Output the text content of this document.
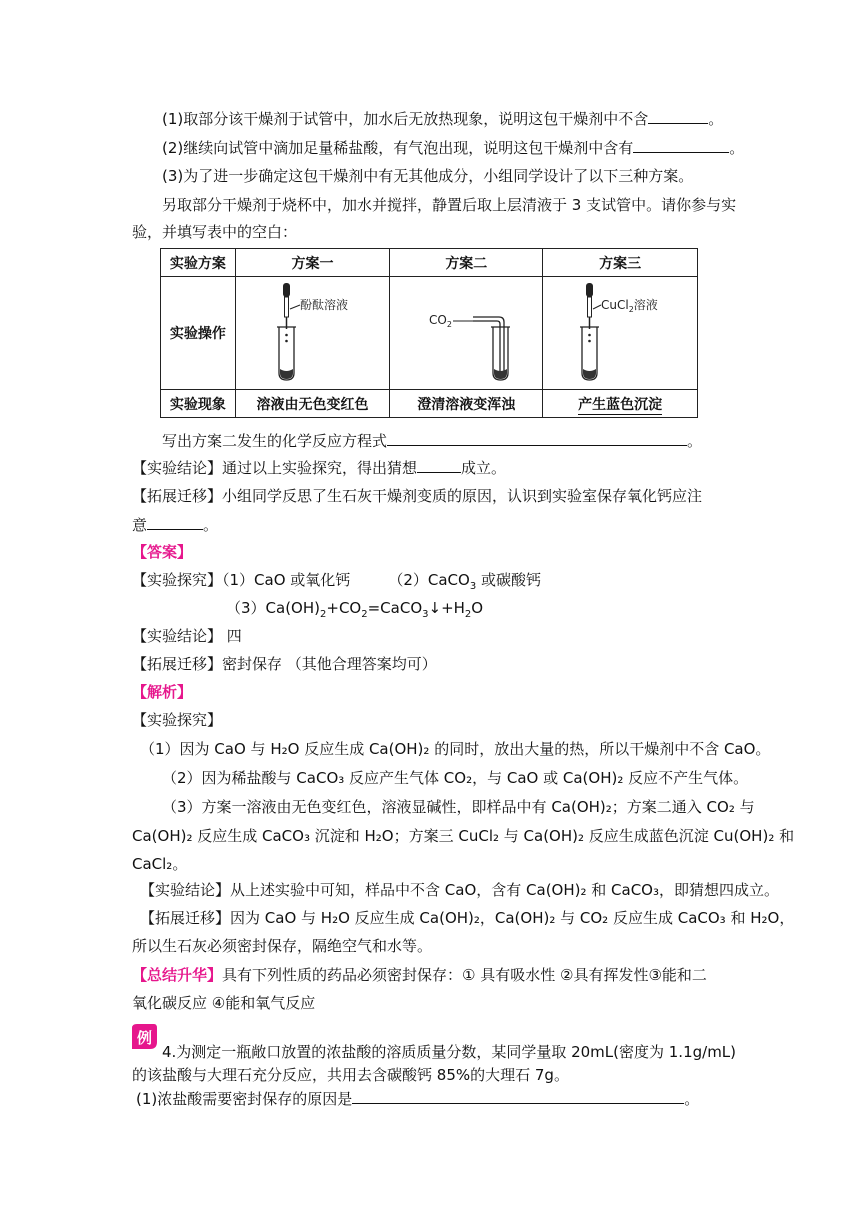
(1)取部分该干燥剂于试管中，加水后无放热现象，说明这包干燥剂中不含	。
(2)继续向试管中滴加足量稀盐酸，有气泡出现，说明这包干燥剂中含有	。
(3)为了进一步确定这包干燥剂中有无其他成分，小组同学设计了以下三种方案。
另取部分干燥剂于烧杯中，加水并搅拌，静置后取上层清液于 3 支试管中。请你参与实
验，并填写表中的空白：
实验方案	方案一	方案二	方案三
实验操作	酚酞溶液	$CO_2$	CuCl$_2$溶液

实验现象	溶液由无色变红色	澄清溶液变浑浊	产生蓝色沉淀
写出方案二发生的化学反应方程式	。
【实验结论】通过以上实验探究，得出猜想	成立。
【拓展迁移】小组同学反思了生石灰干燥剂变质的原因，认识到实验室保存氧化钙应注
意	。
【答案】
【实验探究】（1）CaO 或氧化钙	（2）CaCO$_3$ 或碳酸钙
$(3)Ca(OH)_2+CO_2=CaCO_3↓+H_2O$
【实验结论】 四
【拓展迁移】密封保存 （其他合理答案均可）
【解析】
【实验探究】
（1）因为 CaO 与 H₂O 反应生成 Ca(OH)₂ 的同时，放出大量的热，所以干燥剂中不含 CaO。
（2）因为稀盐酸与 CaCO₃ 反应产生气体 CO₂，与 CaO 或 Ca(OH)₂ 反应不产生气体。
（3）方案一溶液由无色变红色，溶液显碱性，即样品中有 Ca(OH)₂；方案二通入 CO₂ 与
Ca(OH)₂ 反应生成 CaCO₃ 沉淀和 H₂O；方案三 CuCl₂ 与 Ca(OH)₂ 反应生成蓝色沉淀 Cu(OH)₂ 和
CaCl₂。
【实验结论】从上述实验中可知，样品中不含 CaO，含有 Ca(OH)₂ 和 CaCO₃，即猜想四成立。
【拓展迁移】因为 CaO 与 H₂O 反应生成 Ca(OH)₂，Ca(OH)₂ 与 CO₂ 反应生成 CaCO₃ 和 H₂O，
所以生石灰必须密封保存，隔绝空气和水等。
【总结升华】具有下列性质的药品必须密封保存：① 具有吸水性 ②具有挥发性③能和二
氧化碳反应 ④能和氧气反应
例
4.为测定一瓶敞口放置的浓盐酸的溶质质量分数，某同学量取 20mL(密度为 1.1g/mL)
的该盐酸与大理石充分反应，共用去含碳酸钙 85%的大理石 7g。
(1)浓盐酸需要密封保存的原因是	。
